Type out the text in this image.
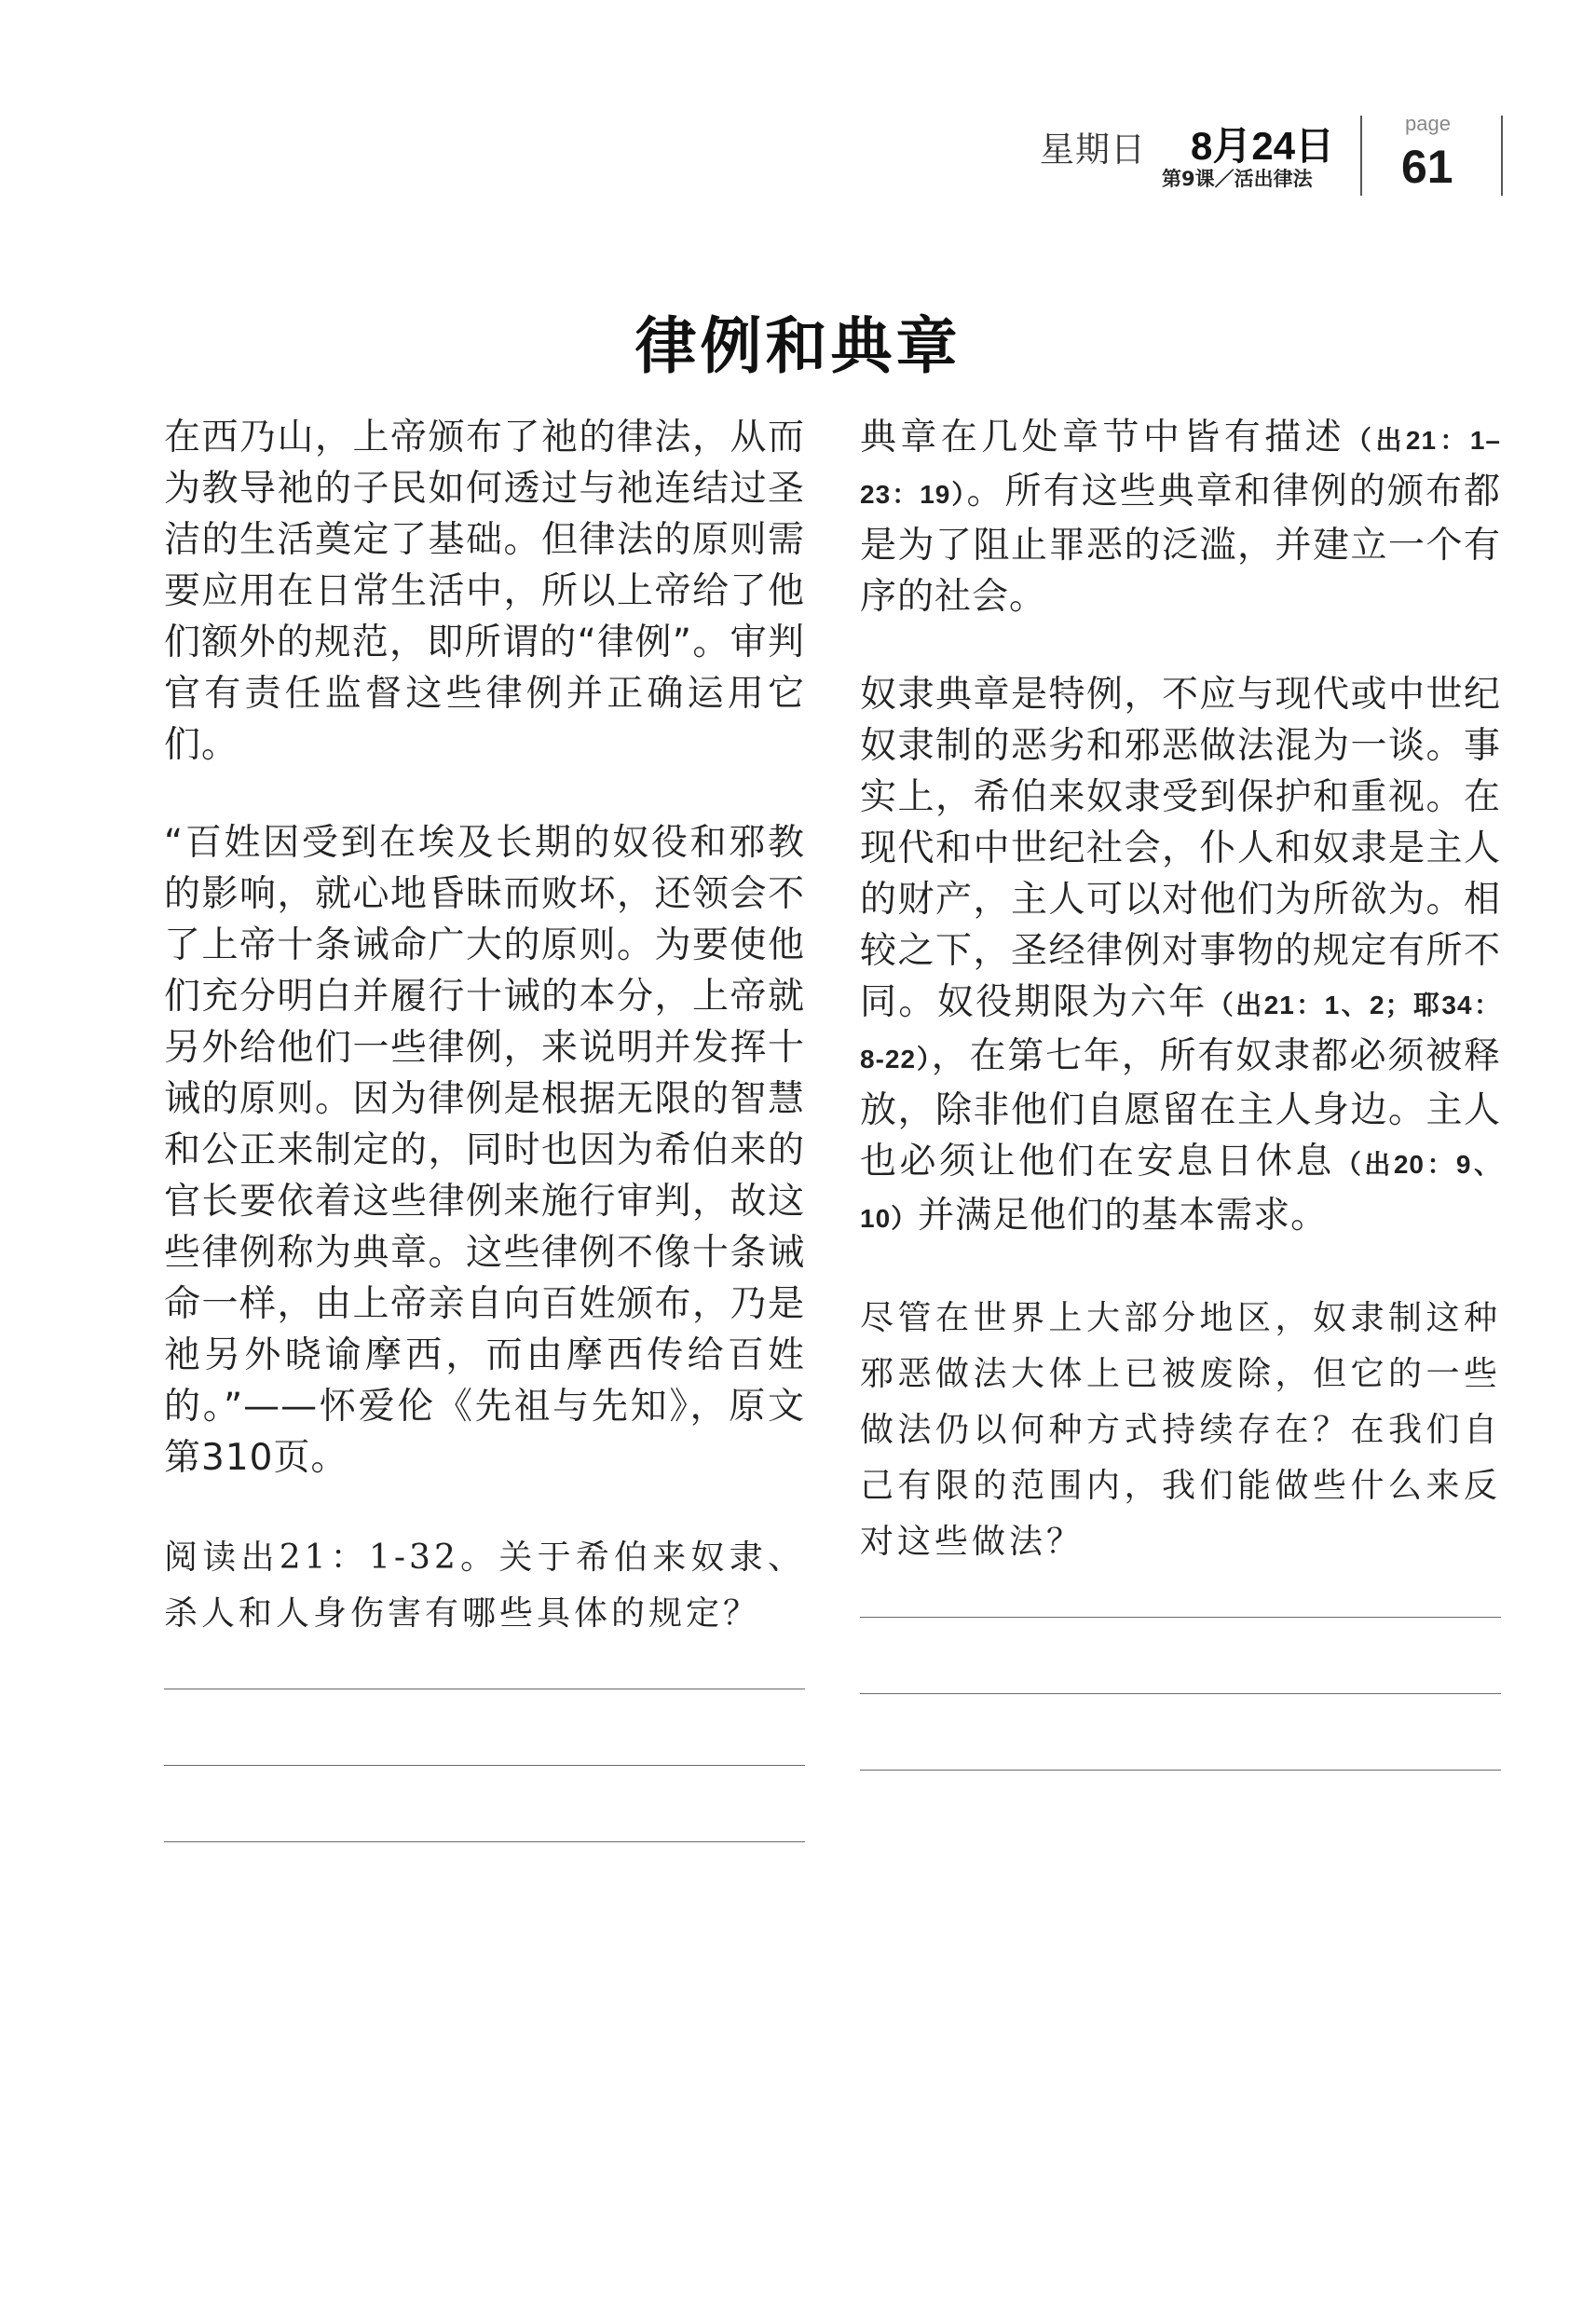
星期日 8月24日
第9课／活出律法
page
61
律例和典章

在西乃山，上帝颁布了祂的律法，从而为教导祂的子民如何透过与祂连结过圣洁的生活奠定了基础。但律法的原则需要应用在日常生活中，所以上帝给了他们额外的规范，即所谓的“律例”。审判官有责任监督这些律例并正确运用它们。

“百姓因受到在埃及长期的奴役和邪教的影响，就心地昏昧而败坏，还领会不了上帝十条诫命广大的原则。为要使他们充分明白并履行十诫的本分，上帝就另外给他们一些律例，来说明并发挥十诫的原则。因为律例是根据无限的智慧和公正来制定的，同时也因为希伯来的官长要依着这些律例来施行审判，故这些律例称为典章。这些律例不像十条诫命一样，由上帝亲自向百姓颁布，乃是祂另外晓谕摩西，而由摩西传给百姓的。”——怀爱伦《先祖与先知》，原文第310页。

阅读出21：1-32。关于希伯来奴隶、杀人和人身伤害有哪些具体的规定？

典章在几处章节中皆有描述（出21：1–23：19）。所有这些典章和律例的颁布都是为了阻止罪恶的泛滥，并建立一个有序的社会。

奴隶典章是特例，不应与现代或中世纪奴隶制的恶劣和邪恶做法混为一谈。事实上，希伯来奴隶受到保护和重视。在现代和中世纪社会，仆人和奴隶是主人的财产，主人可以对他们为所欲为。相较之下，圣经律例对事物的规定有所不同。奴役期限为六年（出21：1、2；耶34：8-22），在第七年，所有奴隶都必须被释放，除非他们自愿留在主人身边。主人也必须让他们在安息日休息（出20：9、10）并满足他们的基本需求。

尽管在世界上大部分地区，奴隶制这种邪恶做法大体上已被废除，但它的一些做法仍以何种方式持续存在？在我们自己有限的范围内，我们能做些什么来反对这些做法？
